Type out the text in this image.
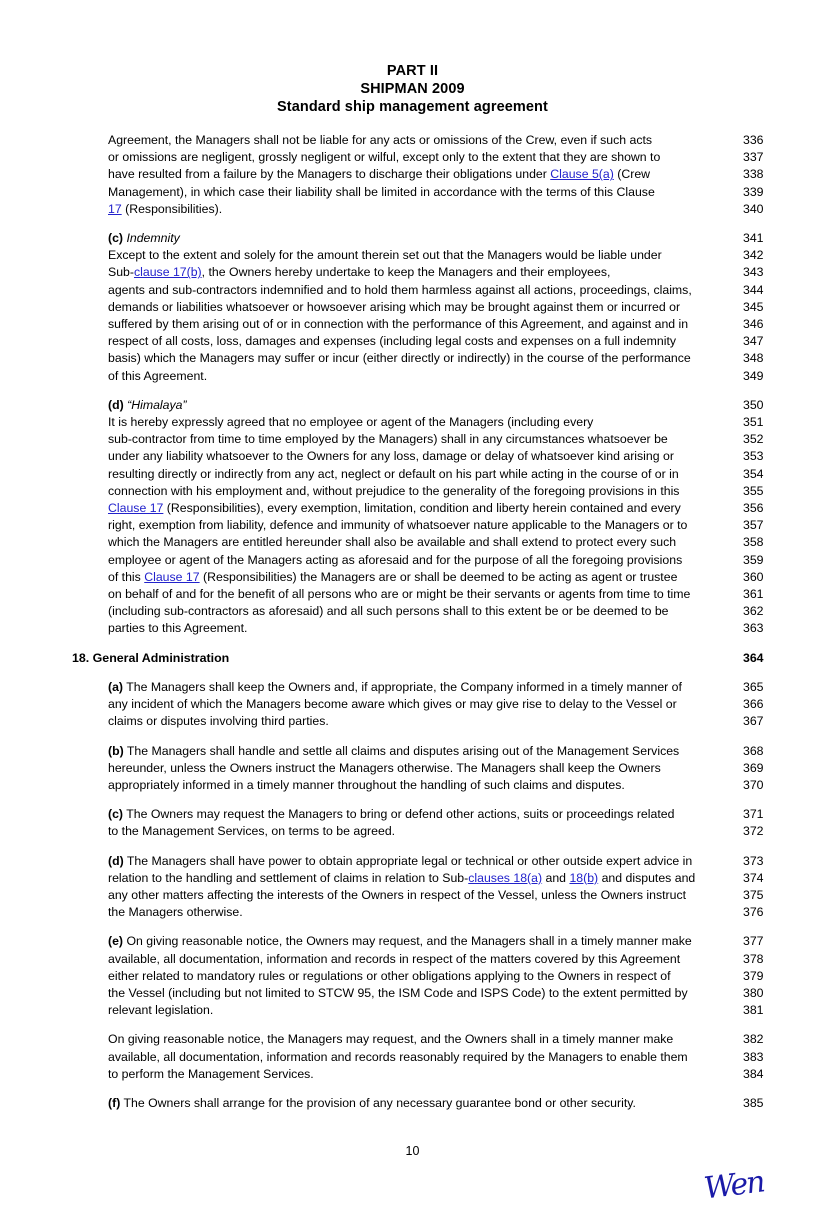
PART II
SHIPMAN 2009
Standard ship management agreement
Agreement, the Managers shall not be liable for any acts or omissions of the Crew, even if such acts	336
or omissions are negligent, grossly negligent or wilful, except only to the extent that they are shown to	337
have resulted from a failure by the Managers to discharge their obligations under Clause 5(a) (Crew	338
Management), in which case their liability shall be limited in accordance with the terms of this Clause	339
17 (Responsibilities).	340
(c) Indemnity	341
Except to the extent and solely for the amount therein set out that the Managers would be liable under	342
Sub-clause 17(b), the Owners hereby undertake to keep the Managers and their employees,	343
agents and sub-contractors indemnified and to hold them harmless against all actions, proceedings, claims,	344
demands or liabilities whatsoever or howsoever arising which may be brought against them or incurred or	345
suffered by them arising out of or in connection with the performance of this Agreement, and against and in	346
respect of all costs, loss, damages and expenses (including legal costs and expenses on a full indemnity	347
basis) which the Managers may suffer or incur (either directly or indirectly) in the course of the performance	348
of this Agreement.	349
(d) “Himalaya”	350
It is hereby expressly agreed that no employee or agent of the Managers (including every	351
sub-contractor from time to time employed by the Managers) shall in any circumstances whatsoever be	352
under any liability whatsoever to the Owners for any loss, damage or delay of whatsoever kind arising or	353
resulting directly or indirectly from any act, neglect or default on his part while acting in the course of or in	354
connection with his employment and, without prejudice to the generality of the foregoing provisions in this	355
Clause 17 (Responsibilities), every exemption, limitation, condition and liberty herein contained and every	356
right, exemption from liability, defence and immunity of whatsoever nature applicable to the Managers or to	357
which the Managers are entitled hereunder shall also be available and shall extend to protect every such	358
employee or agent of the Managers acting as aforesaid and for the purpose of all the foregoing provisions	359
of this Clause 17 (Responsibilities) the Managers are or shall be deemed to be acting as agent or trustee	360
on behalf of and for the benefit of all persons who are or might be their servants or agents from time to time	361
(including sub-contractors as aforesaid) and all such persons shall to this extent be or be deemed to be	362
parties to this Agreement.	363
18. General Administration	364
(a) The Managers shall keep the Owners and, if appropriate, the Company informed in a timely manner of	365
any incident of which the Managers become aware which gives or may give rise to delay to the Vessel or	366
claims or disputes involving third parties.	367
(b) The Managers shall handle and settle all claims and disputes arising out of the Management Services	368
hereunder, unless the Owners instruct the Managers otherwise. The Managers shall keep the Owners	369
appropriately informed in a timely manner throughout the handling of such claims and disputes.	370
(c) The Owners may request the Managers to bring or defend other actions, suits or proceedings related	371
to the Management Services, on terms to be agreed.	372
(d) The Managers shall have power to obtain appropriate legal or technical or other outside expert advice in	373
relation to the handling and settlement of claims in relation to Sub-clauses 18(a) and 18(b) and disputes and	374
any other matters affecting the interests of the Owners in respect of the Vessel, unless the Owners instruct	375
the Managers otherwise.	376
(e) On giving reasonable notice, the Owners may request, and the Managers shall in a timely manner make	377
available, all documentation, information and records in respect of the matters covered by this Agreement	378
either related to mandatory rules or regulations or other obligations applying to the Owners in respect of	379
the Vessel (including but not limited to STCW 95, the ISM Code and ISPS Code) to the extent permitted by	380
relevant legislation.	381
On giving reasonable notice, the Managers may request, and the Owners shall in a timely manner make	382
available, all documentation, information and records reasonably required by the Managers to enable them	383
to perform the Management Services.	384
(f) The Owners shall arrange for the provision of any necessary guarantee bond or other security.	385
10
Wen
